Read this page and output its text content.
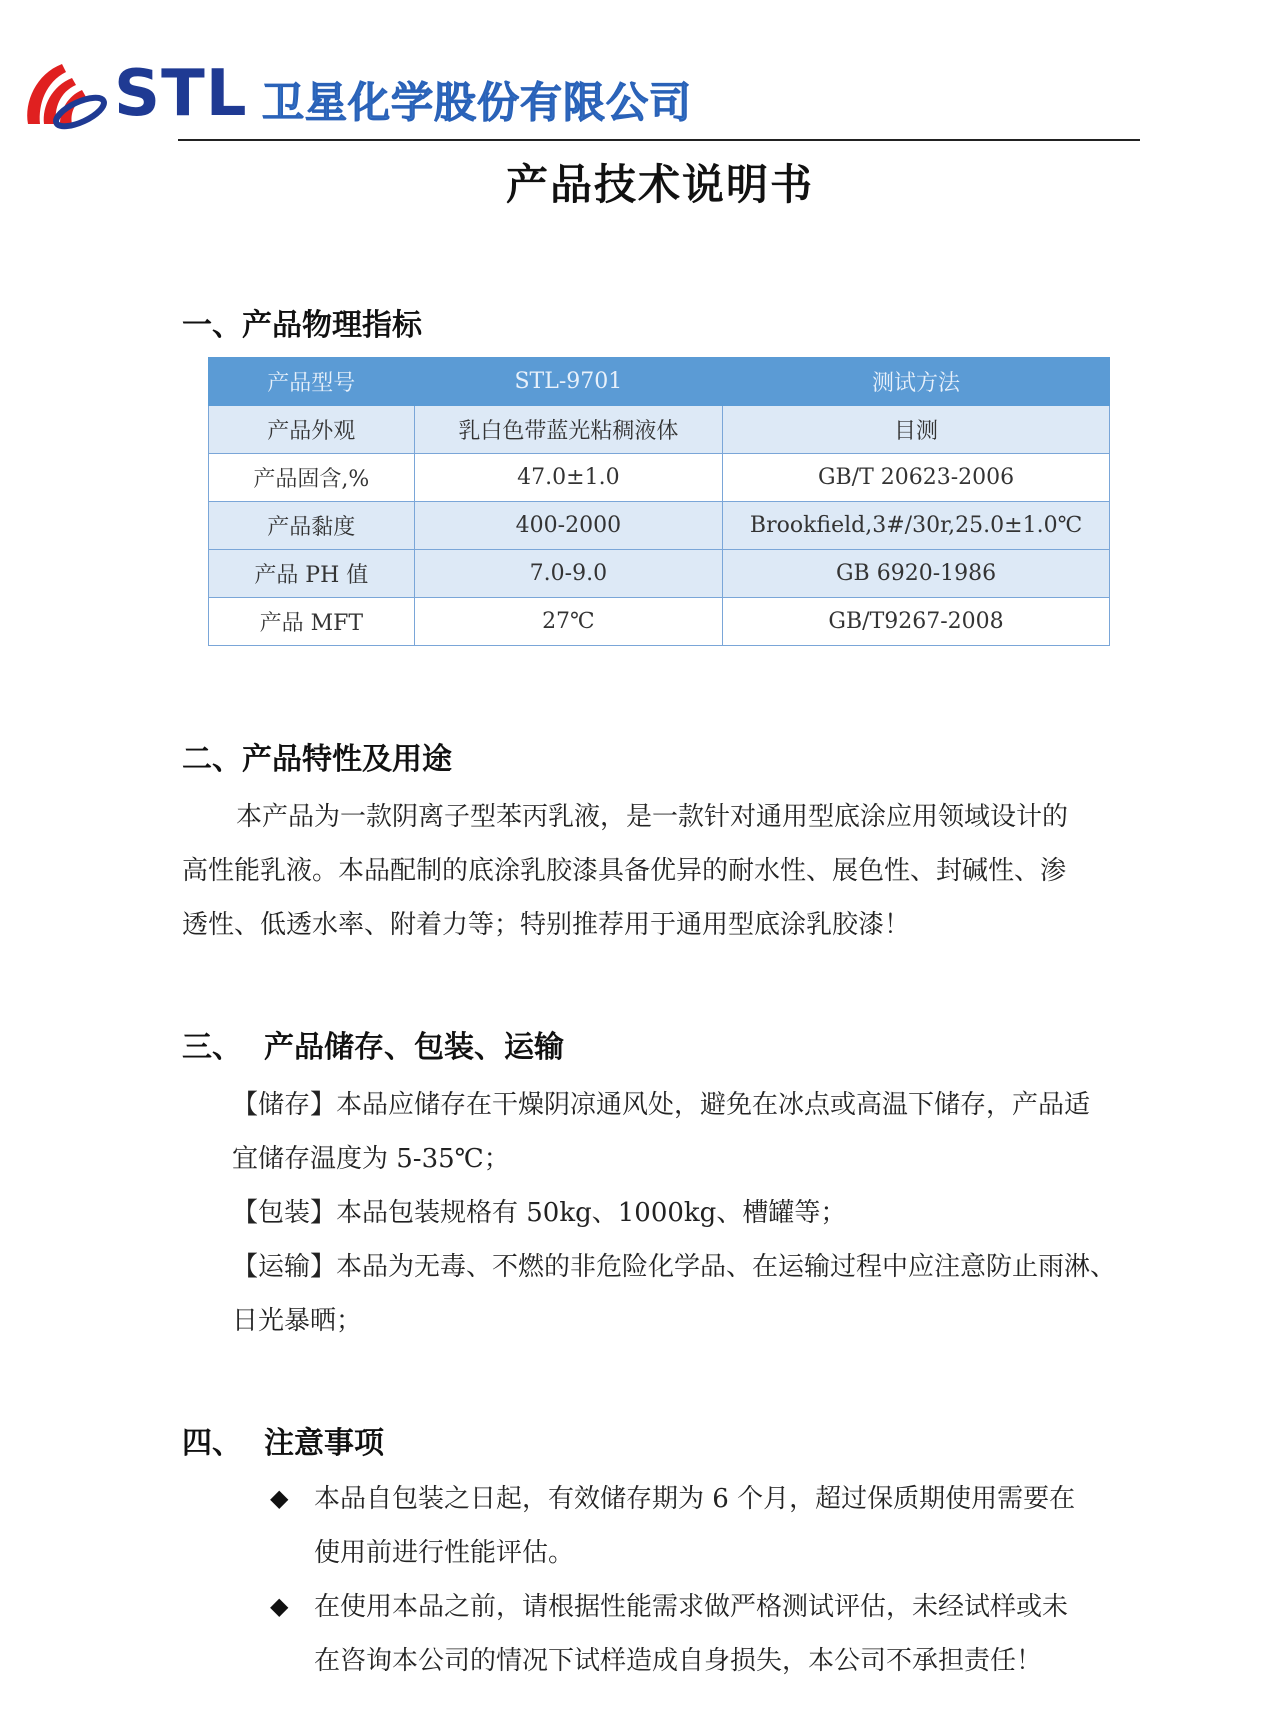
STL 卫星化学股份有限公司
产品技术说明书
一、产品物理指标
产品型号	STL-9701	测试方法
产品外观	乳白色带蓝光粘稠液体	目测
产品固含,%	47.0±1.0	GB/T 20623-2006
产品黏度	400-2000	Brookfield,3#/30r,25.0±1.0℃
产品 PH 值	7.0-9.0	GB 6920-1986
产品 MFT	27℃	GB/T9267-2008
二、产品特性及用途
本产品为一款阴离子型苯丙乳液，是一款针对通用型底涂应用领域设计的
高性能乳液。本品配制的底涂乳胶漆具备优异的耐水性、展色性、封碱性、渗
透性、低透水率、附着力等；特别推荐用于通用型底涂乳胶漆！
三、 产品储存、包装、运输
【储存】本品应储存在干燥阴凉通风处，避免在冰点或高温下储存，产品适
宜储存温度为 5-35℃；
【包装】本品包装规格有 50kg、1000kg、槽罐等；
【运输】本品为无毒、不燃的非危险化学品、在运输过程中应注意防止雨淋、
日光暴晒；
四、 注意事项
◆ 本品自包装之日起，有效储存期为 6 个月，超过保质期使用需要在
使用前进行性能评估。
◆ 在使用本品之前，请根据性能需求做严格测试评估，未经试样或未
在咨询本公司的情况下试样造成自身损失，本公司不承担责任！
